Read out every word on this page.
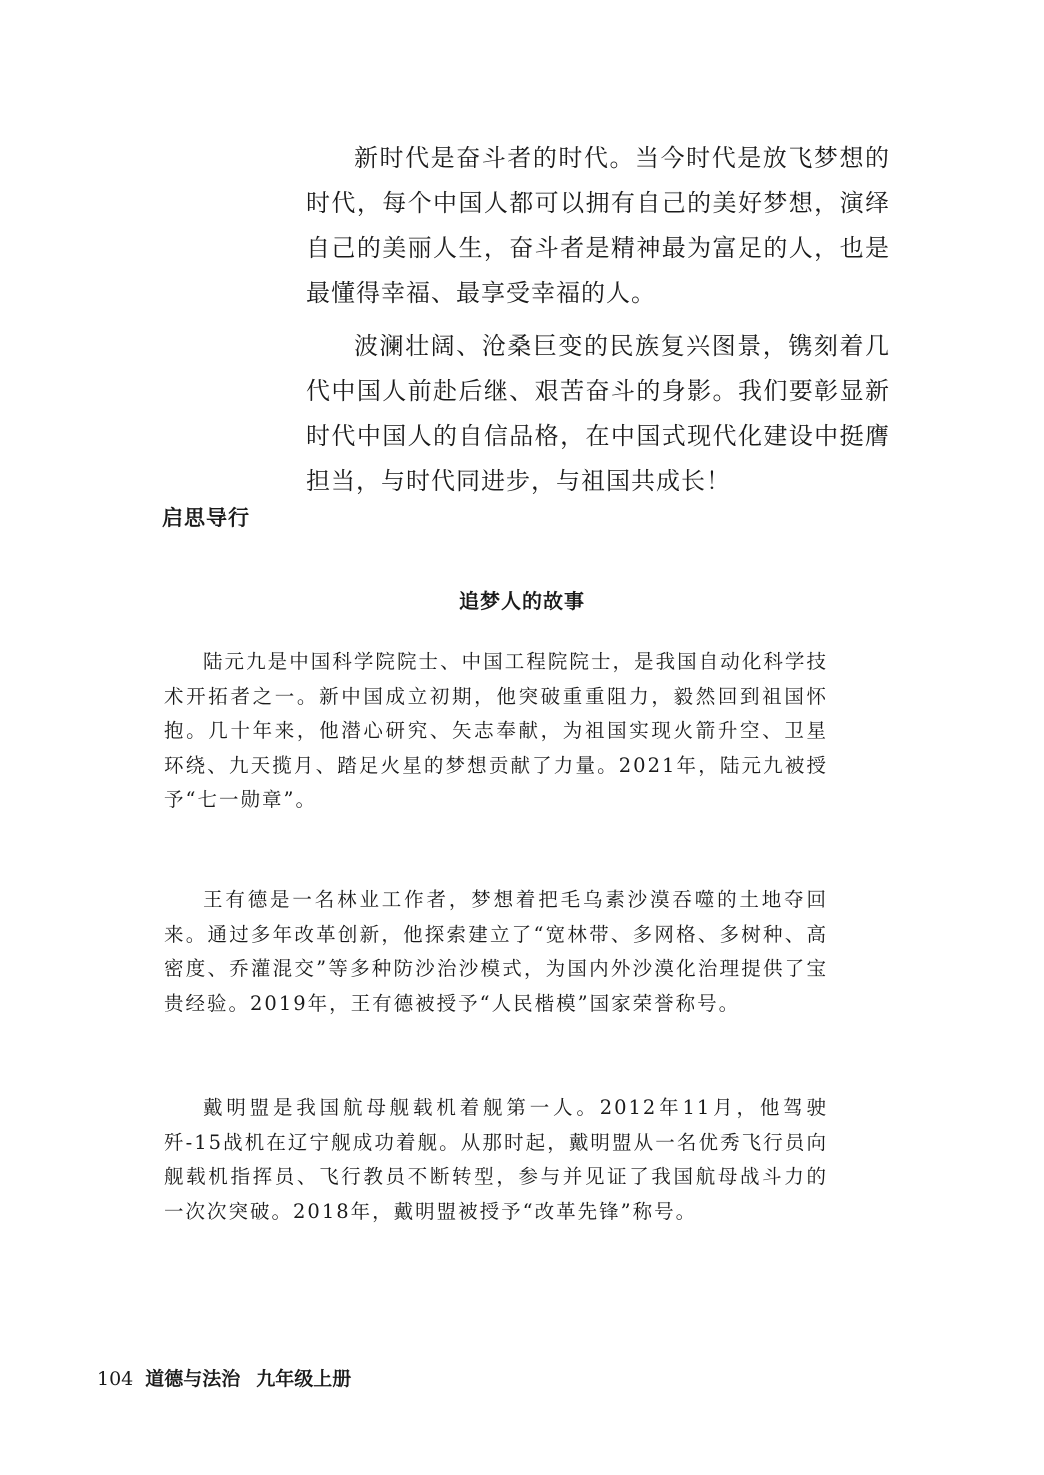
新时代是奋斗者的时代。当今时代是放飞梦想的时代，每个中国人都可以拥有自己的美好梦想，演绎自己的美丽人生，奋斗者是精神最为富足的人，也是最懂得幸福、最享受幸福的人。

波澜壮阔、沧桑巨变的民族复兴图景，镌刻着几代中国人前赴后继、艰苦奋斗的身影。我们要彰显新时代中国人的自信品格，在中国式现代化建设中挺膺担当，与时代同进步，与祖国共成长！

启思导行
追梦人的故事

陆元九是中国科学院院士、中国工程院院士，是我国自动化科学技术开拓者之一。新中国成立初期，他突破重重阻力，毅然回到祖国怀抱。几十年来，他潜心研究、矢志奉献，为祖国实现火箭升空、卫星环绕、九天揽月、踏足火星的梦想贡献了力量。2021年，陆元九被授予“七一勋章”。

王有德是一名林业工作者，梦想着把毛乌素沙漠吞噬的土地夺回来。通过多年改革创新，他探索建立了“宽林带、多网格、多树种、高密度、乔灌混交”等多种防沙治沙模式，为国内外沙漠化治理提供了宝贵经验。2019年，王有德被授予“人民楷模”国家荣誉称号。

戴明盟是我国航母舰载机着舰第一人。2012年11月，他驾驶歼-15战机在辽宁舰成功着舰。从那时起，戴明盟从一名优秀飞行员向舰载机指挥员、飞行教员不断转型，参与并见证了我国航母战斗力的一次次突破。2018年，戴明盟被授予“改革先锋”称号。

104 道德与法治 九年级上册
